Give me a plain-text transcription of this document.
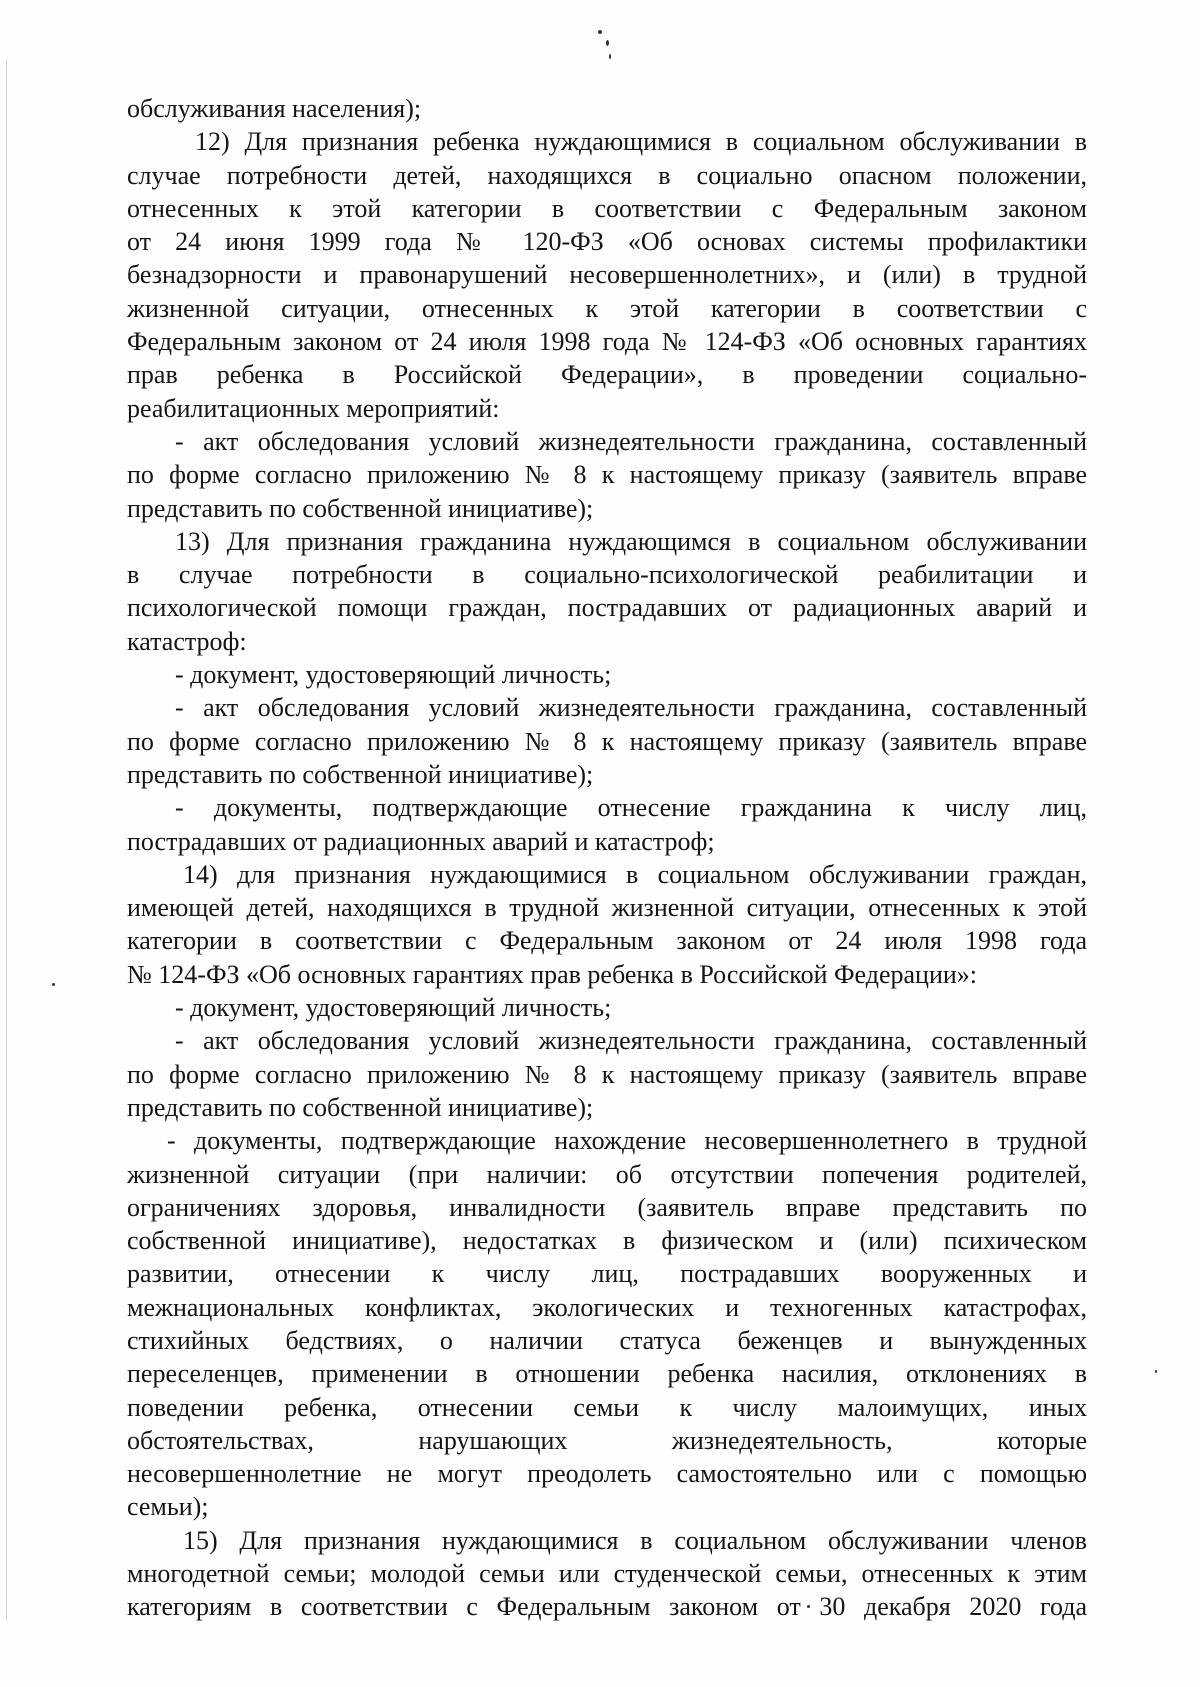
обслуживания населения);
12) Для признания ребенка нуждающимися в социальном обслуживании в
случае потребности детей, находящихся в социально опасном положении,
отнесенных к этой категории в соответствии с Федеральным законом
от 24 июня 1999 года № 120-ФЗ «Об основах системы профилактики
безнадзорности и правонарушений несовершеннолетних», и (или) в трудной
жизненной ситуации, отнесенных к этой категории в соответствии с
Федеральным законом от 24 июля 1998 года № 124-ФЗ «Об основных гарантиях
прав ребенка в Российской Федерации», в проведении социально-
реабилитационных мероприятий:
- акт обследования условий жизнедеятельности гражданина, составленный
по форме согласно приложению № 8 к настоящему приказу (заявитель вправе
представить по собственной инициативе);
13) Для признания гражданина нуждающимся в социальном обслуживании
в случае потребности в социально-психологической реабилитации и
психологической помощи граждан, пострадавших от радиационных аварий и
катастроф:
- документ, удостоверяющий личность;
- акт обследования условий жизнедеятельности гражданина, составленный
по форме согласно приложению № 8 к настоящему приказу (заявитель вправе
представить по собственной инициативе);
- документы, подтверждающие отнесение гражданина к числу лиц,
пострадавших от радиационных аварий и катастроф;
14) для признания нуждающимися в социальном обслуживании граждан,
имеющей детей, находящихся в трудной жизненной ситуации, отнесенных к этой
категории в соответствии с Федеральным законом от 24 июля 1998 года
№ 124-ФЗ «Об основных гарантиях прав ребенка в Российской Федерации»:
- документ, удостоверяющий личность;
- акт обследования условий жизнедеятельности гражданина, составленный
по форме согласно приложению № 8 к настоящему приказу (заявитель вправе
представить по собственной инициативе);
- документы, подтверждающие нахождение несовершеннолетнего в трудной
жизненной ситуации (при наличии: об отсутствии попечения родителей,
ограничениях здоровья, инвалидности (заявитель вправе представить по
собственной инициативе), недостатках в физическом и (или) психическом
развитии, отнесении к числу лиц, пострадавших вооруженных и
межнациональных конфликтах, экологических и техногенных катастрофах,
стихийных бедствиях, о наличии статуса беженцев и вынужденных
переселенцев, применении в отношении ребенка насилия, отклонениях в
поведении ребенка, отнесении семьи к числу малоимущих, иных
обстоятельствах, нарушающих жизнедеятельность, которые
несовершеннолетние не могут преодолеть самостоятельно или с помощью
семьи);
15) Для признания нуждающимися в социальном обслуживании членов
многодетной семьи; молодой семьи или студенческой семьи, отнесенных к этим
категориям в соответствии с Федеральным законом от 30 декабря 2020 года
